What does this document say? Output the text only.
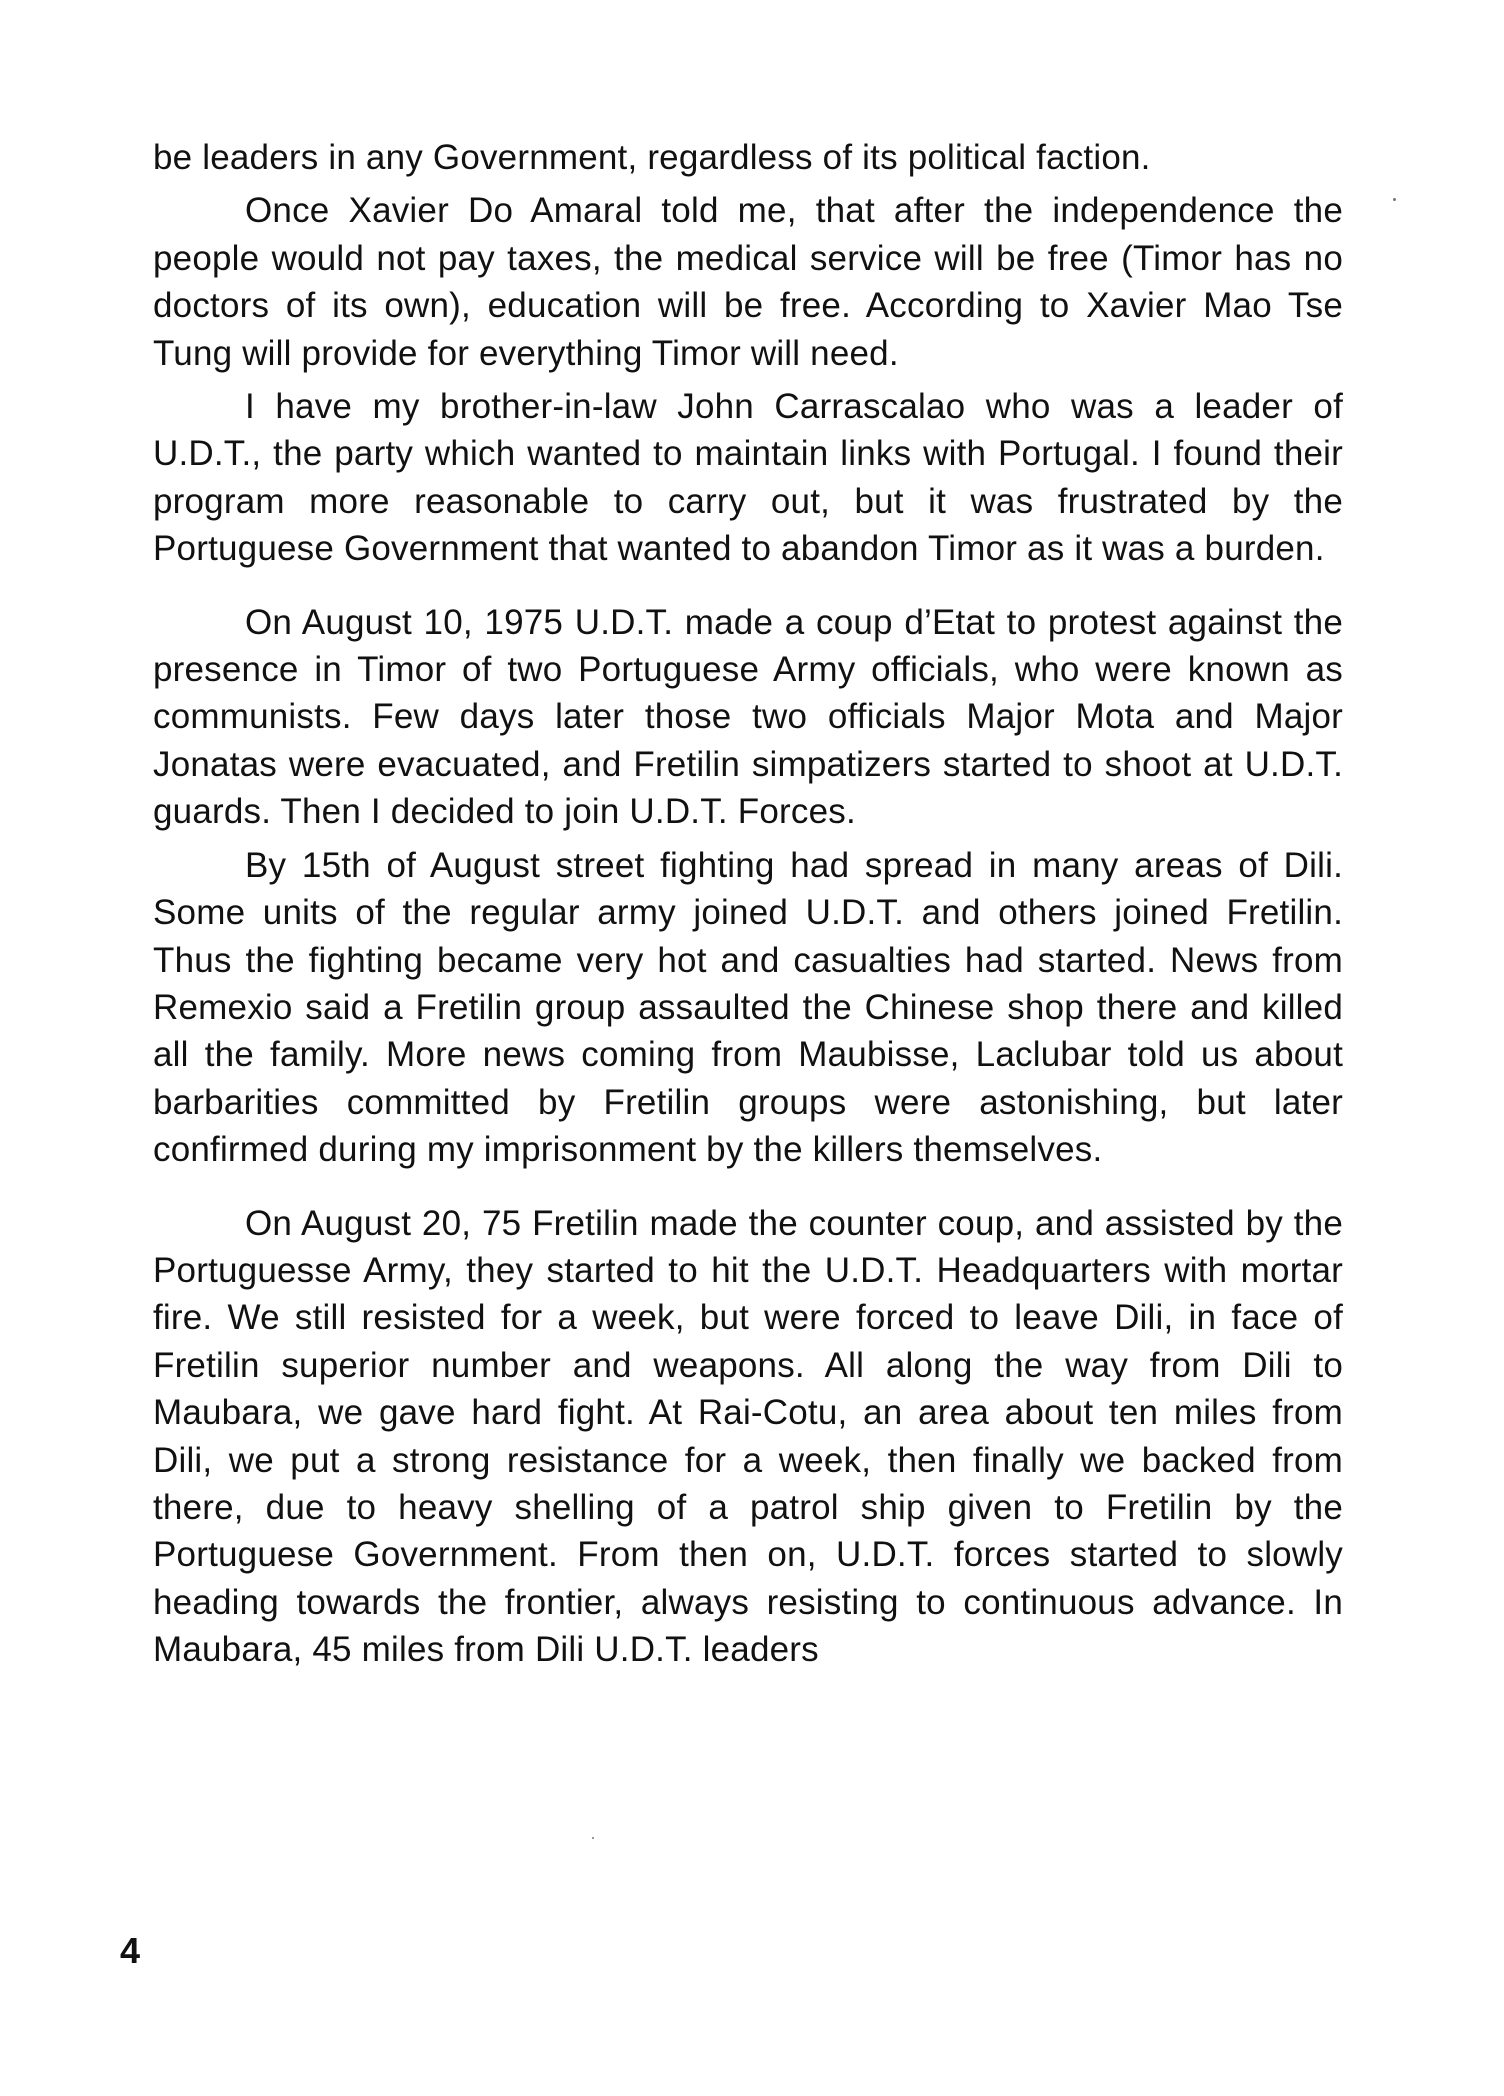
be leaders in any Government, regardless of its political faction.

Once Xavier Do Amaral told me, that after the independence the people would not pay taxes, the medical service will be free (Timor has no doctors of its own), education will be free. According to Xavier Mao Tse Tung will provide for everything Timor will need.

I have my brother-in-law John Carrascalao who was a leader of U.D.T., the party which wanted to maintain links with Portugal. I found their program more reasonable to carry out, but it was frustrated by the Portuguese Government that wanted to abandon Timor as it was a burden.

On August 10, 1975 U.D.T. made a coup d’Etat to protest against the presence in Timor of two Portuguese Army officials, who were known as communists. Few days later those two officials Major Mota and Major Jonatas were evacuated, and Fretilin simpatizers started to shoot at U.D.T. guards. Then I decided to join U.D.T. Forces.

By 15th of August street fighting had spread in many areas of Dili. Some units of the regular army joined U.D.T. and others joined Fretilin. Thus the fighting became very hot and casualties had started. News from Remexio said a Fretilin group assaulted the Chinese shop there and killed all the family. More news coming from Maubisse, Laclubar told us about barbarities committed by Fretilin groups were astonishing, but later confirmed during my imprisonment by the killers themselves.

On August 20, 75 Fretilin made the counter coup, and assisted by the Portuguesse Army, they started to hit the U.D.T. Headquarters with mortar fire. We still resisted for a week, but were forced to leave Dili, in face of Fretilin superior number and weapons. All along the way from Dili to Maubara, we gave hard fight. At Rai-Cotu, an area about ten miles from Dili, we put a strong resistance for a week, then finally we backed from there, due to heavy shelling of a patrol ship given to Fretilin by the Portuguese Government. From then on, U.D.T. forces started to slowly heading towards the frontier, always resisting to continuous advance. In Maubara, 45 miles from Dili U.D.T. leaders

4
